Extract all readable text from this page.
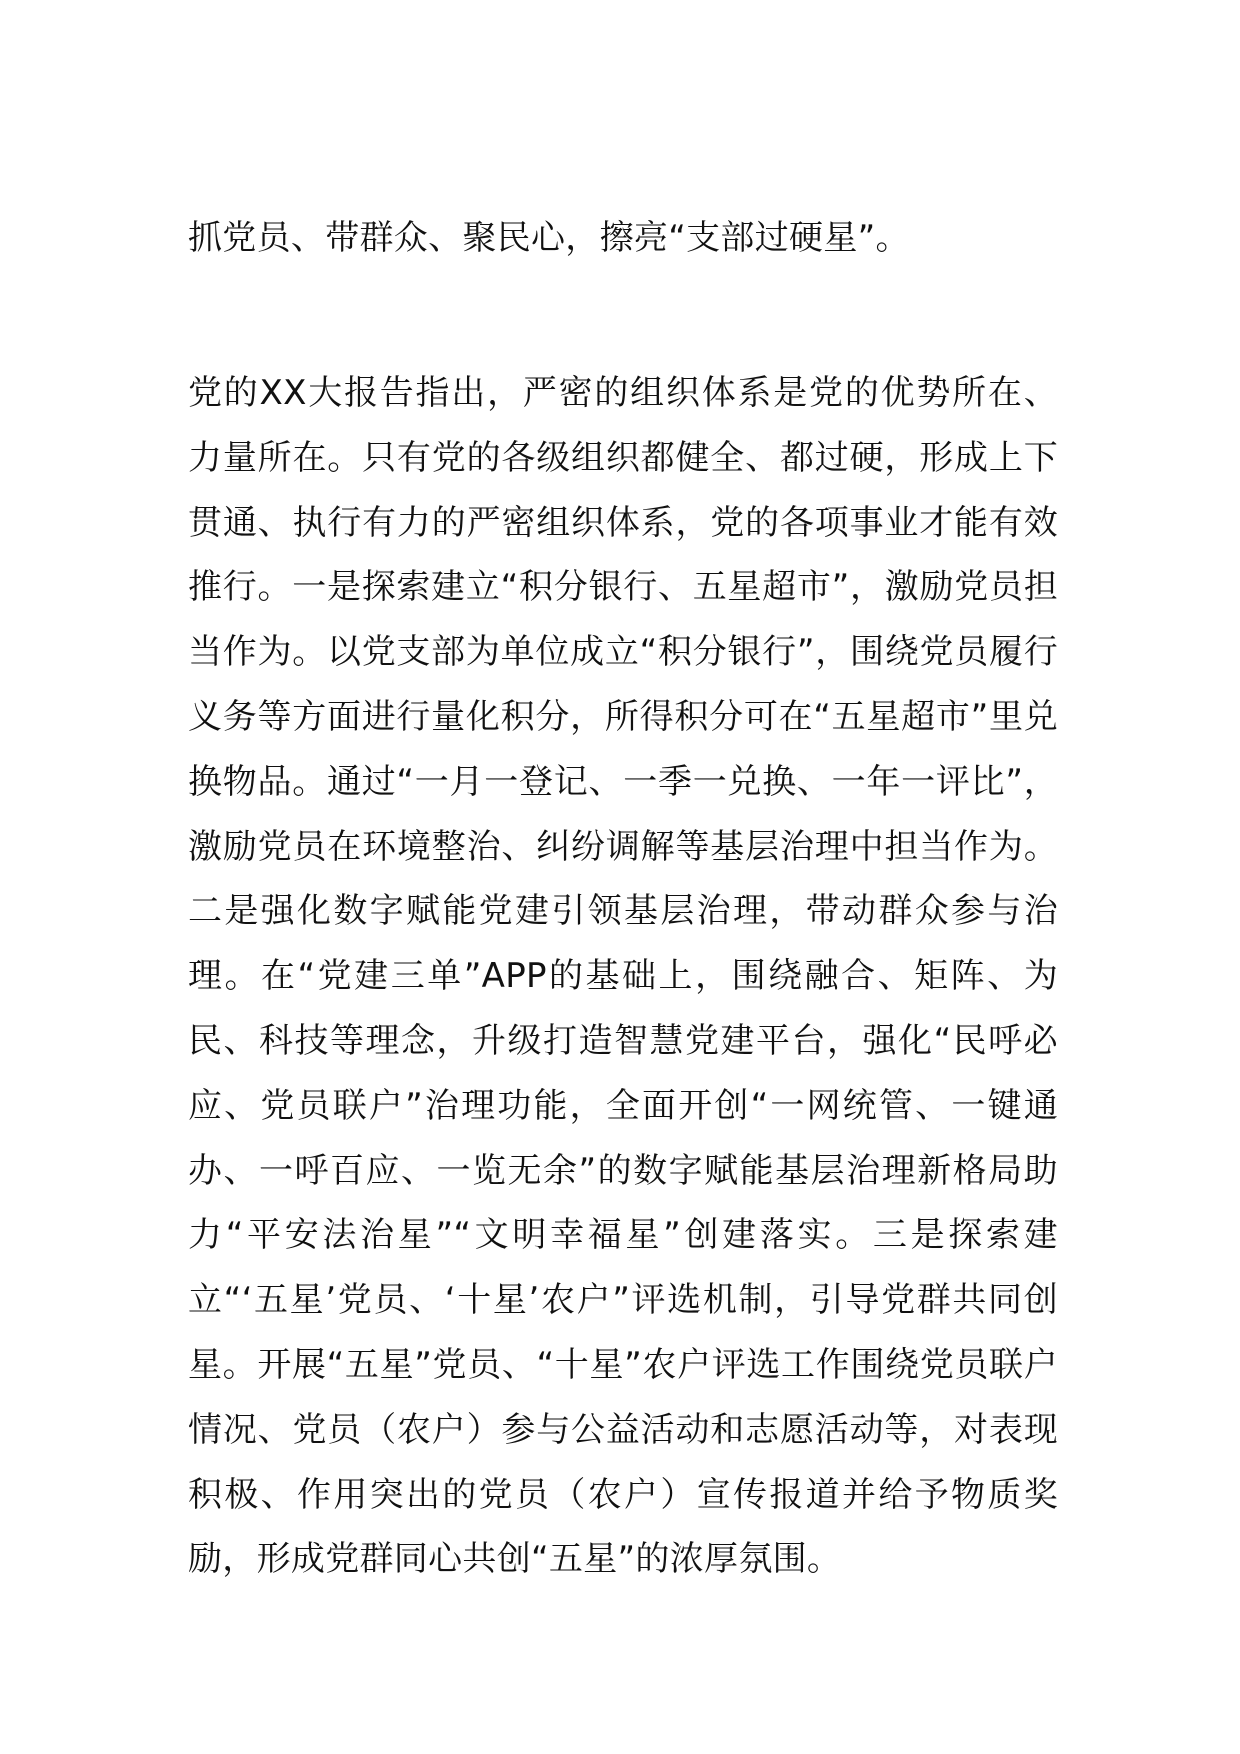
抓党员、带群众、聚民心，擦亮“支部过硬星”。

党的XX大报告指出，严密的组织体系是党的优势所在、力量所在。只有党的各级组织都健全、都过硬，形成上下贯通、执行有力的严密组织体系，党的各项事业才能有效推行。一是探索建立“积分银行、五星超市”，激励党员担当作为。以党支部为单位成立“积分银行”，围绕党员履行义务等方面进行量化积分，所得积分可在“五星超市”里兑换物品。通过“一月一登记、一季一兑换、一年一评比”，激励党员在环境整治、纠纷调解等基层治理中担当作为。二是强化数字赋能党建引领基层治理，带动群众参与治理。在“党建三单”APP的基础上，围绕融合、矩阵、为民、科技等理念，升级打造智慧党建平台，强化“民呼必应、党员联户”治理功能，全面开创“一网统管、一键通办、一呼百应、一览无余”的数字赋能基层治理新格局助力“平安法治星”“文明幸福星”创建落实。三是探索建立“‘五星’党员、‘十星’农户”评选机制，引导党群共同创星。开展“五星”党员、“十星”农户评选工作围绕党员联户情况、党员（农户）参与公益活动和志愿活动等，对表现积极、作用突出的党员（农户）宣传报道并给予物质奖励，形成党群同心共创“五星”的浓厚氛围。
